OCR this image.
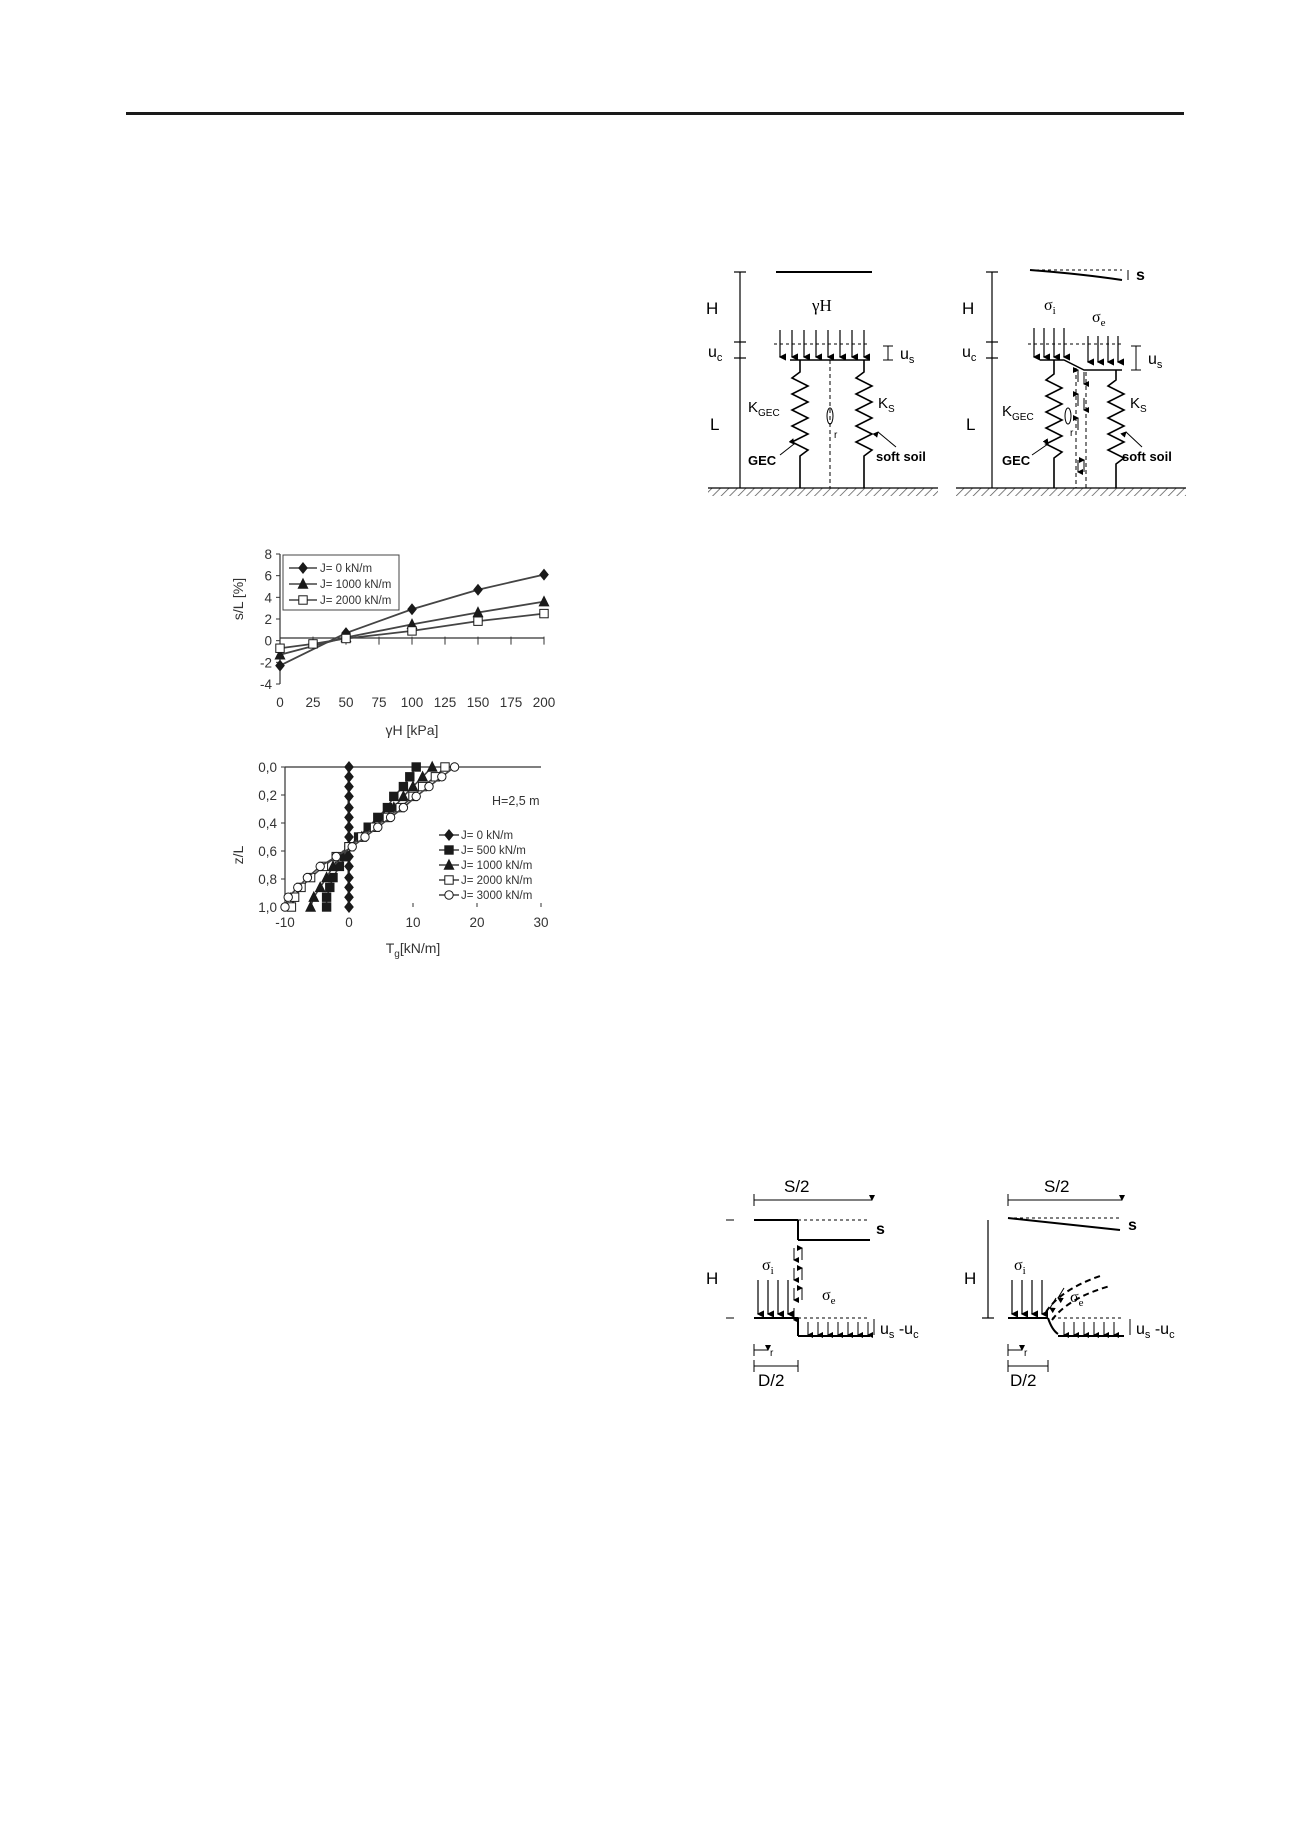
8
6
4
2
0
-2
-4
0 25 50 75 100 125 150 175 200
J= 0 kN/m
J= 1000 kN/m
J= 2000 kN/m
s/L [%]
γH [kPa]
0,0
0,2
0,4
0,6
0,8
1,0
-10	0	10	20	30
H=2,5 m
J= 0 kN/m
J= 500 kN/m
J= 1000 kN/m
J= 2000 kN/m
J= 3000 kN/m
z/L
$T_g[kN/m]$
H
$u_c$
L
γH
$u_s$
r
$K_{GEC}$
$K_S$
GEC	soft soil
H
$u_c$
L
s
$\sigma_i$ $\sigma_e$
$u_s$
r
$K_{GEC}$
$K_S$
GEC	soft soil
S/2
s
H
$\sigma_i$
$\sigma_e$
$u_s$ $-u_c$
r
D/2
S/2
s
H
$\sigma_i$
$\sigma_e$
$u_s$ $-u_c$
r
D/2
